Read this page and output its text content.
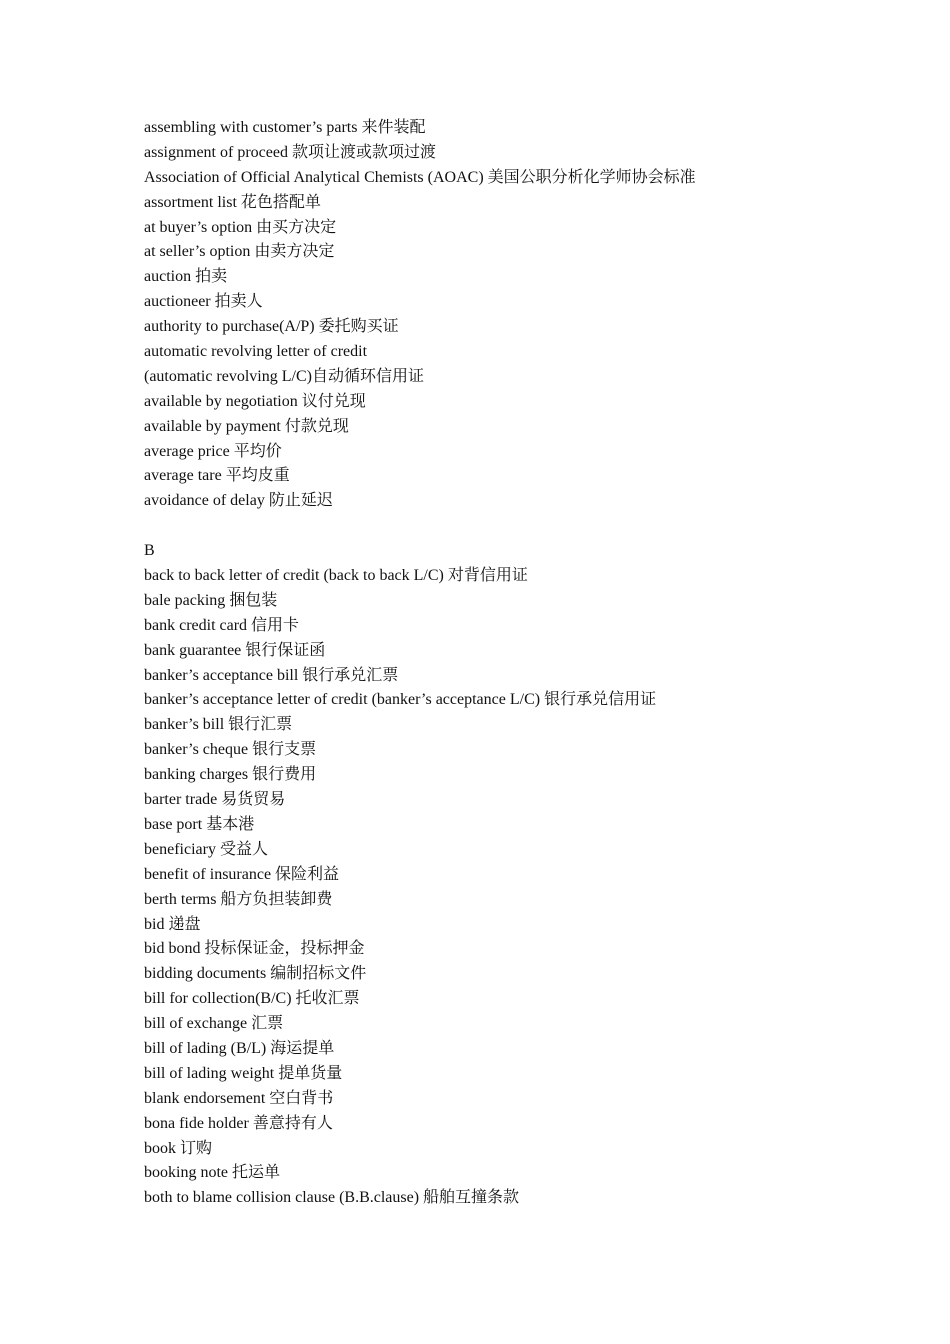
assembling with customer’s parts 来件装配
assignment of proceed 款项让渡或款项过渡
Association of Official Analytical Chemists (AOAC) 美国公职分析化学师协会标准
assortment list 花色搭配单
at buyer’s option 由买方决定
at seller’s option 由卖方决定
auction 拍卖
auctioneer 拍卖人
authority to purchase(A/P) 委托购买证
automatic revolving letter of credit
(automatic revolving L/C)自动循环信用证
available by negotiation 议付兑现
available by payment 付款兑现
average price 平均价
average tare 平均皮重
avoidance of delay 防止延迟
B
back to back letter of credit (back to back L/C) 对背信用证
bale packing 捆包装
bank credit card 信用卡
bank guarantee 银行保证函
banker’s acceptance bill 银行承兑汇票
banker’s acceptance letter of credit (banker’s acceptance L/C) 银行承兑信用证
banker’s bill 银行汇票
banker’s cheque 银行支票
banking charges 银行费用
barter trade 易货贸易
base port 基本港
beneficiary 受益人
benefit of insurance 保险利益
berth terms 船方负担装卸费
bid 递盘
bid bond 投标保证金，投标押金
bidding documents 编制招标文件
bill for collection(B/C) 托收汇票
bill of exchange 汇票
bill of lading (B/L) 海运提单
bill of lading weight 提单货量
blank endorsement 空白背书
bona fide holder 善意持有人
book 订购
booking note 托运单
both to blame collision clause (B.B.clause) 船舶互撞条款
